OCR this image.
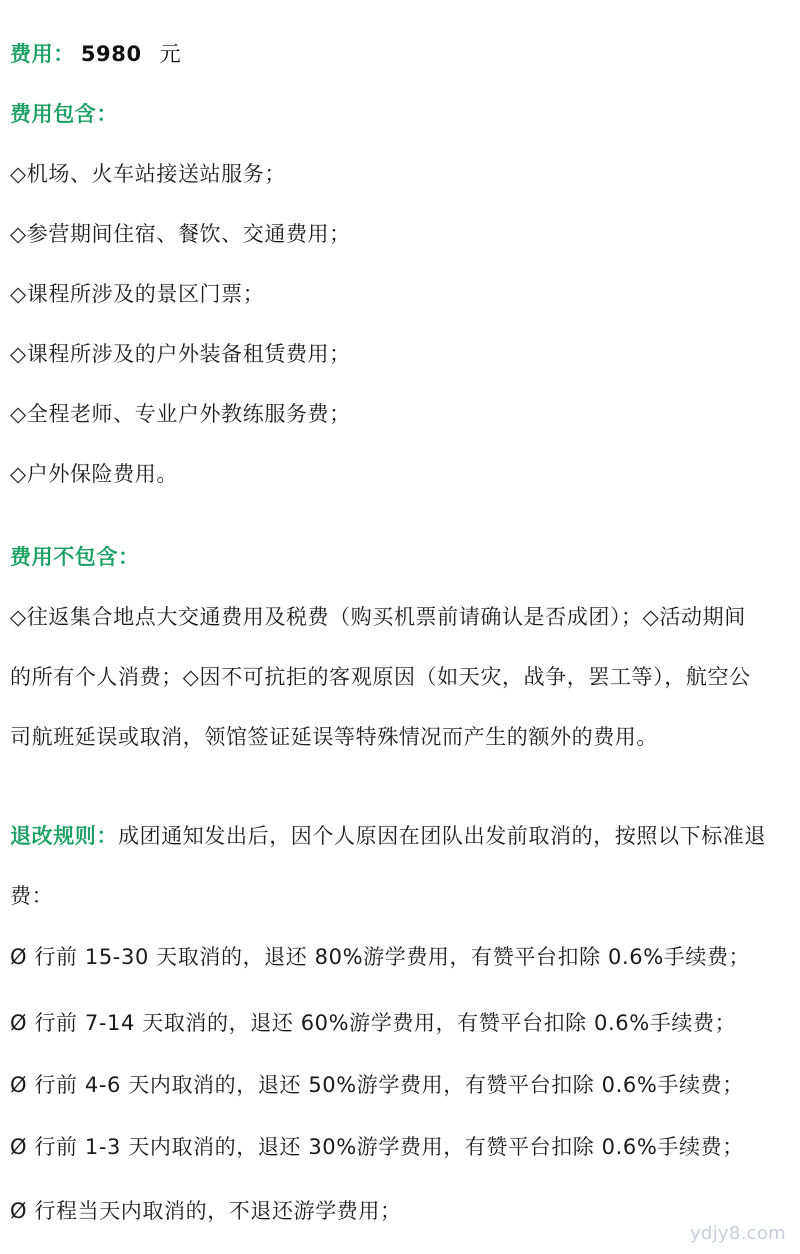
费用： 5980 元
费用包含：
◇机场、火车站接送站服务；
◇参营期间住宿、餐饮、交通费用；
◇课程所涉及的景区门票；
◇课程所涉及的户外装备租赁费用；
◇全程老师、专业户外教练服务费；
◇户外保险费用。
费用不包含：
◇往返集合地点大交通费用及税费（购买机票前请确认是否成团）；◇活动期间
的所有个人消费；◇因不可抗拒的客观原因（如天灾，战争，罢工等），航空公
司航班延误或取消，领馆签证延误等特殊情况而产生的额外的费用。
退改规则：成团通知发出后，因个人原因在团队出发前取消的，按照以下标准退
费：
Ø 行前 15-30 天取消的，退还 80%游学费用，有赞平台扣除 0.6%手续费；
Ø 行前 7-14 天取消的，退还 60%游学费用，有赞平台扣除 0.6%手续费；
Ø 行前 4-6 天内取消的，退还 50%游学费用，有赞平台扣除 0.6%手续费；
Ø 行前 1-3 天内取消的，退还 30%游学费用，有赞平台扣除 0.6%手续费；
Ø 行程当天内取消的，不退还游学费用；
ydjy8.com
